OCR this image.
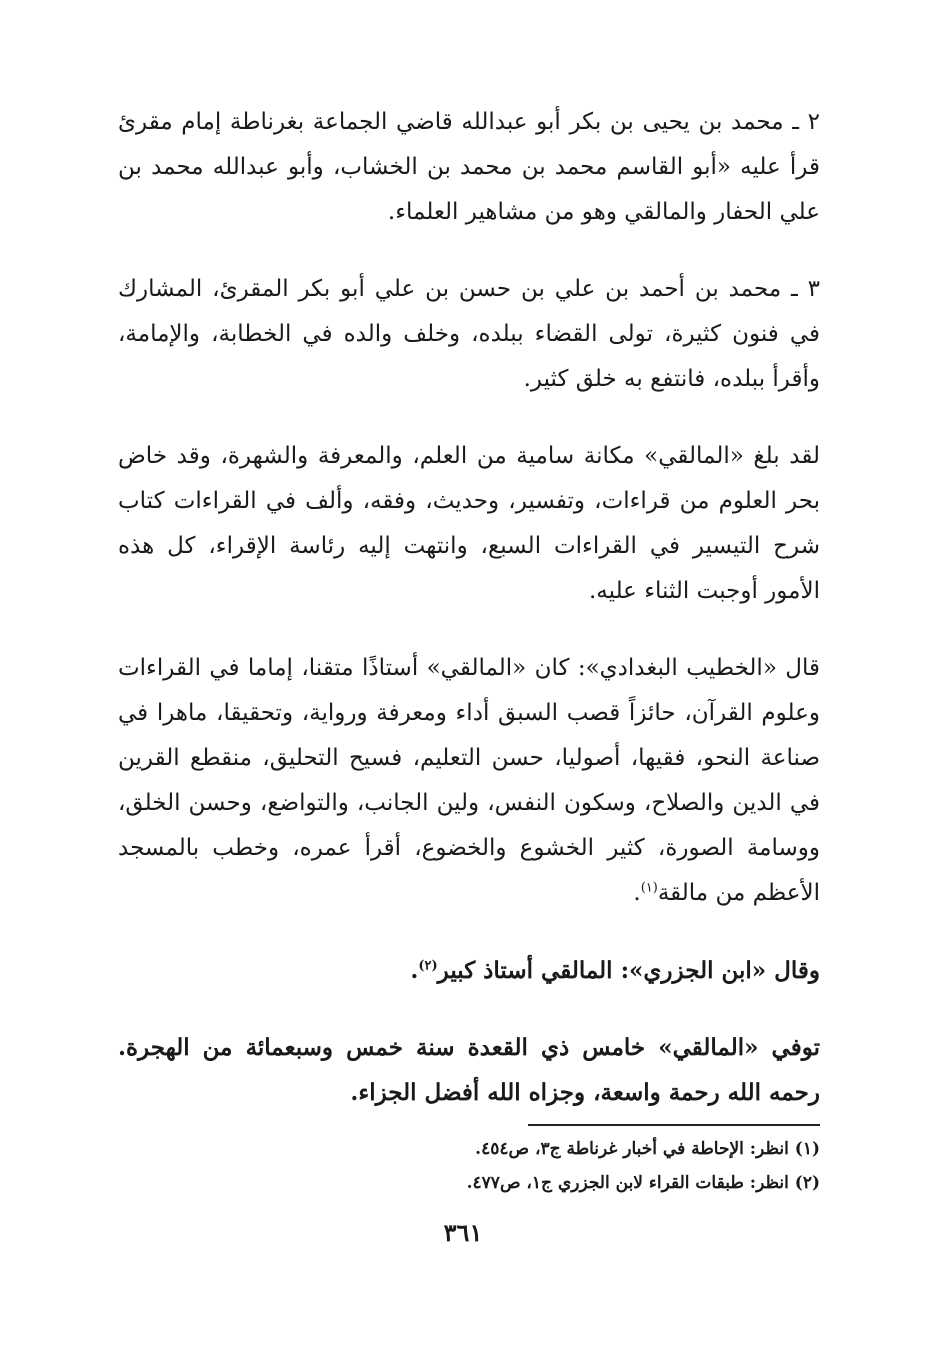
٢ ـ محمد بن يحيى بن بكر أبو عبدالله قاضي الجماعة بغرناطة إمام مقرئ قرأ عليه «أبو القاسم محمد بن محمد بن الخشاب، وأبو عبدالله محمد بن علي الحفار والمالقي وهو من مشاهير العلماء.

٣ ـ محمد بن أحمد بن علي بن حسن بن علي أبو بكر المقرئ، المشارك في فنون كثيرة، تولى القضاء ببلده، وخلف والده في الخطابة، والإمامة، وأقرأ ببلده، فانتفع به خلق كثير.

لقد بلغ «المالقي» مكانة سامية من العلم، والمعرفة والشهرة، وقد خاض بحر العلوم من قراءات، وتفسير، وحديث، وفقه، وألف في القراءات كتاب شرح التيسير في القراءات السبع، وانتهت إليه رئاسة الإقراء، كل هذه الأمور أوجبت الثناء عليه.

قال «الخطيب البغدادي»: كان «المالقي» أستاذًا متقنا، إماما في القراءات وعلوم القرآن، حائزاً قصب السبق أداء ومعرفة ورواية، وتحقيقا، ماهرا في صناعة النحو، فقيها، أصوليا، حسن التعليم، فسيح التحليق، منقطع القرين في الدين والصلاح، وسكون النفس، ولين الجانب، والتواضع، وحسن الخلق، ووسامة الصورة، كثير الخشوع والخضوع، أقرأ عمره، وخطب بالمسجد الأعظم من مالقة$^{(١)}$.

وقال «ابن الجزري»: المالقي أستاذ كبير$^{(٢)}$.

توفي «المالقي» خامس ذي القعدة سنة خمس وسبعمائة من الهجرة. رحمه الله رحمة واسعة، وجزاه الله أفضل الجزاء.

(١) انظر: الإحاطة في أخبار غرناطة ج٣، ص٤٥٤.
(٢) انظر: طبقات القراء لابن الجزري ج١، ص٤٧٧.
٣٦١
